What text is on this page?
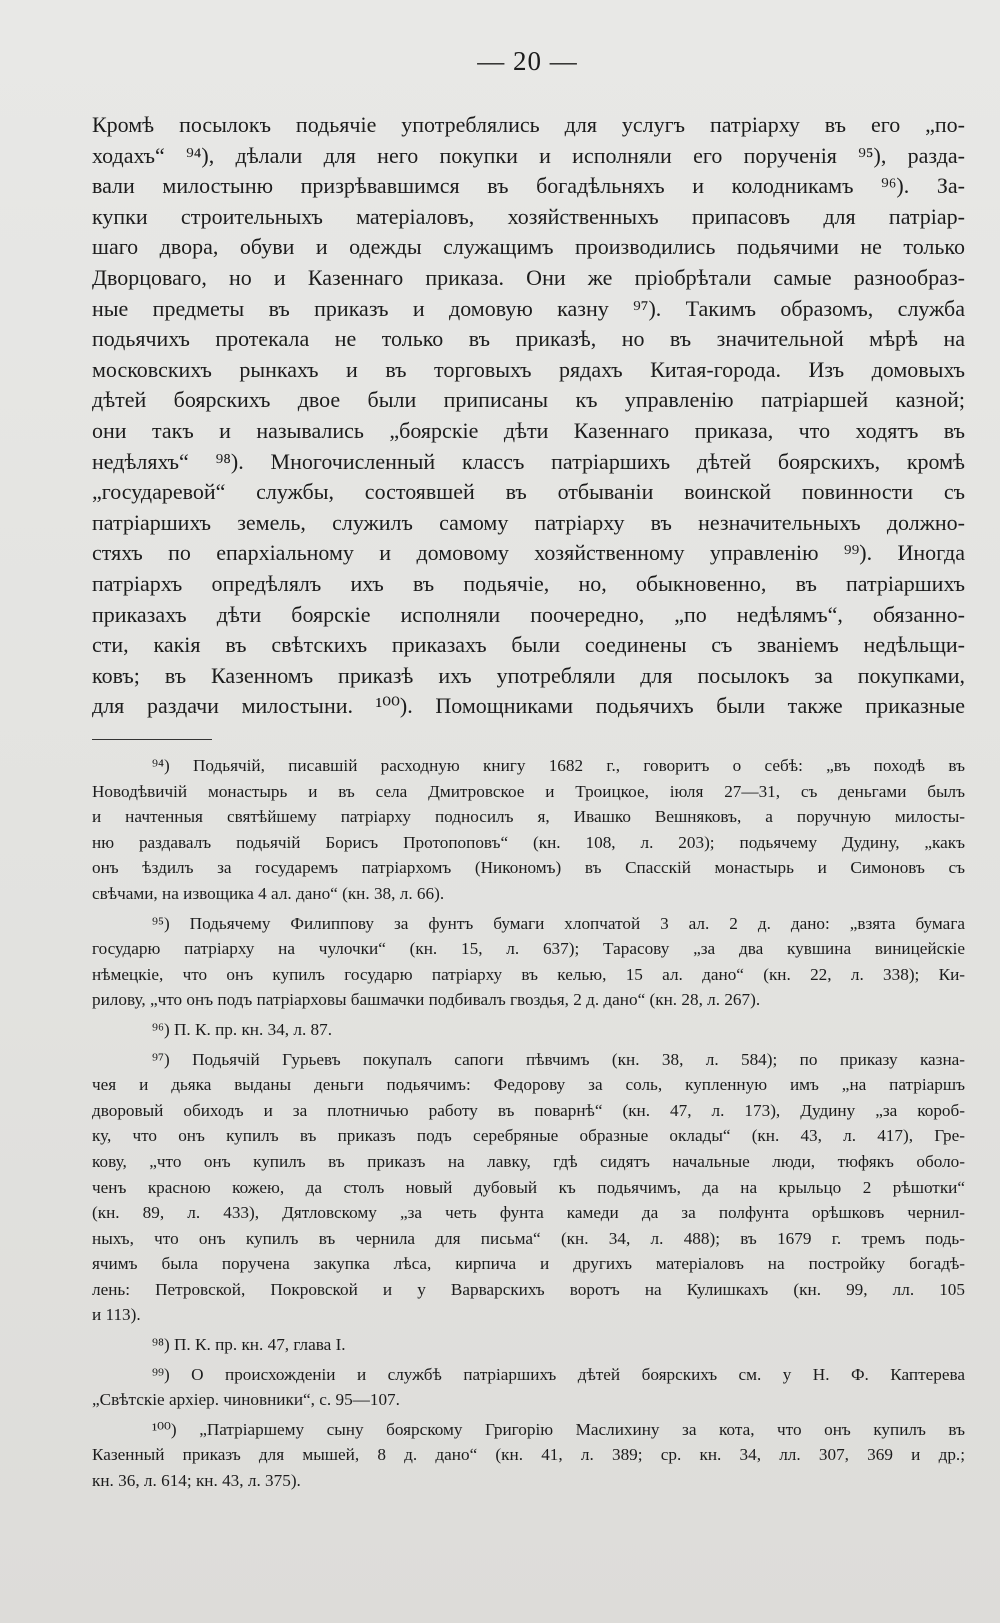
— 20 —
Кромѣ посылокъ подьячіе употреблялись для услугъ патріарху въ его „по-
ходахъ“ ⁹⁴), дѣлали для него покупки и исполняли его порученія ⁹⁵), разда-
вали милостыню призрѣвавшимся въ богадѣльняхъ и колодникамъ ⁹⁶). За-
купки строительныхъ матеріаловъ, хозяйственныхъ припасовъ для патріар-
шаго двора, обуви и одежды служащимъ производились подьячими не только
Дворцоваго, но и Казеннаго приказа. Они же пріобрѣтали самые разнообраз-
ные предметы въ приказъ и домовую казну ⁹⁷). Такимъ образомъ, служба
подьячихъ протекала не только въ приказѣ, но въ значительной мѣрѣ на
московскихъ рынкахъ и въ торговыхъ рядахъ Китая-города. Изъ домовыхъ
дѣтей боярскихъ двое были приписаны къ управленію патріаршей казной;
они такъ и назывались „боярскіе дѣти Казеннаго приказа, что ходятъ въ
недѣляхъ“ ⁹⁸). Многочисленный классъ патріаршихъ дѣтей боярскихъ, кромѣ
„государевой“ службы, состоявшей въ отбываніи воинской повинности съ
патріаршихъ земель, служилъ самому патріарху въ незначительныхъ должно-
стяхъ по епархіальному и домовому хозяйственному управленію ⁹⁹). Иногда
патріархъ опредѣлялъ ихъ въ подьячіе, но, обыкновенно, въ патріаршихъ
приказахъ дѣти боярскіе исполняли поочередно, „по недѣлямъ“, обязанно-
сти, какія въ свѣтскихъ приказахъ были соединены съ званіемъ недѣльщи-
ковъ; въ Казенномъ приказѣ ихъ употребляли для посылокъ за покупками,
для раздачи милостыни. ¹⁰⁰). Помощниками подьячихъ были также приказные
⁹⁴) Подьячій, писавшій расходную книгу 1682 г., говоритъ о себѣ: „въ походѣ въ
Новодѣвичій монастырь и въ села Дмитровское и Троицкое, іюля 27—31, съ деньгами былъ
и начтенныя святѣйшему патріарху подносилъ я, Ивашко Вешняковъ, а поручную милосты-
ню раздавалъ подьячій Борисъ Протопоповъ“ (кн. 108, л. 203); подьячему Дудину, „какъ
онъ ѣздилъ за государемъ патріархомъ (Никономъ) въ Спасскій монастырь и Симоновъ съ
свѣчами, на извощика 4 ал. дано“ (кн. 38, л. 66).
⁹⁵) Подьячему Филиппову за фунтъ бумаги хлопчатой 3 ал. 2 д. дано: „взята бумага
государю патріарху на чулочки“ (кн. 15, л. 637); Тарасову „за два кувшина виницейскіе
нѣмецкіе, что онъ купилъ государю патріарху въ келью, 15 ал. дано“ (кн. 22, л. 338); Ки-
рилову, „что онъ подъ патріарховы башмачки подбивалъ гвоздья, 2 д. дано“ (кн. 28, л. 267).
⁹⁶) П. К. пр. кн. 34, л. 87.
⁹⁷) Подьячій Гурьевъ покупалъ сапоги пѣвчимъ (кн. 38, л. 584); по приказу казна-
чея и дьяка выданы деньги подьячимъ: Федорову за соль, купленную имъ „на патріаршъ
дворовый обиходъ и за плотничью работу въ поварнѣ“ (кн. 47, л. 173), Дудину „за короб-
ку, что онъ купилъ въ приказъ подъ серебряные образные оклады“ (кн. 43, л. 417), Гре-
кову, „что онъ купилъ въ приказъ на лавку, гдѣ сидятъ начальные люди, тюфякъ оболо-
ченъ красною кожею, да столъ новый дубовый къ подьячимъ, да на крыльцо 2 рѣшотки“
(кн. 89, л. 433), Дятловскому „за четь фунта камеди да за полфунта орѣшковъ чернил-
ныхъ, что онъ купилъ въ чернила для письма“ (кн. 34, л. 488); въ 1679 г. тремъ подь-
ячимъ была поручена закупка лѣса, кирпича и другихъ матеріаловъ на постройку богадѣ-
лень: Петровской, Покровской и у Варварскихъ воротъ на Кулишкахъ (кн. 99, лл. 105
и 113).
⁹⁸) П. К. пр. кн. 47, глава I.
⁹⁹) О происхожденіи и службѣ патріаршихъ дѣтей боярскихъ см. у Н. Ф. Каптерева
„Свѣтскіе архіер. чиновники“, с. 95—107.
¹⁰⁰) „Патріаршему сыну боярскому Григорію Маслихину за кота, что онъ купилъ въ
Казенный приказъ для мышей, 8 д. дано“ (кн. 41, л. 389; ср. кн. 34, лл. 307, 369 и др.;
кн. 36, л. 614; кн. 43, л. 375).
